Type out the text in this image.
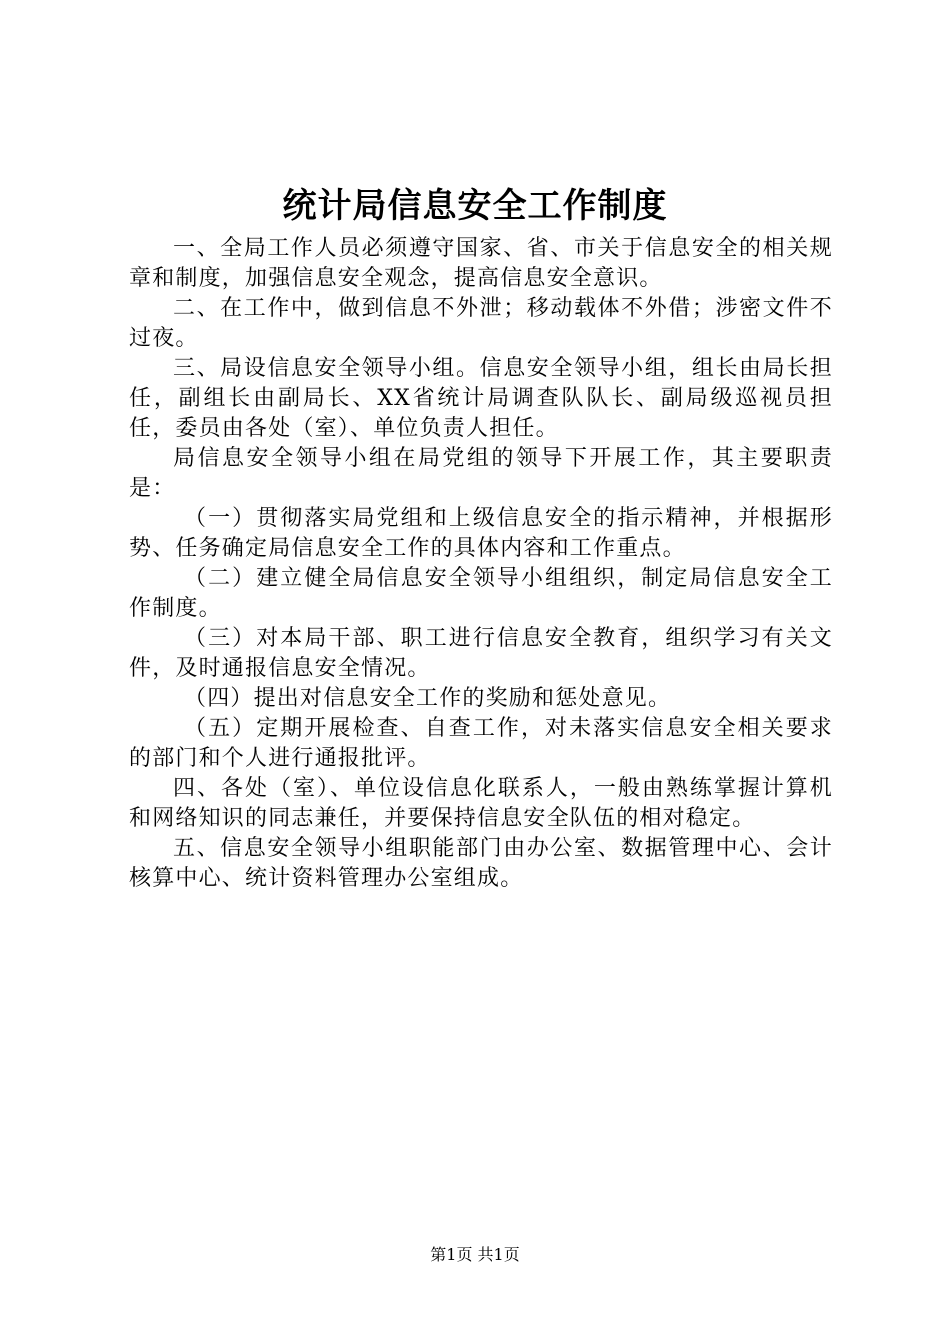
统计局信息安全工作制度

一、全局工作人员必须遵守国家、省、市关于信息安全的相关规章和制度，加强信息安全观念，提高信息安全意识。

二、在工作中，做到信息不外泄；移动载体不外借；涉密文件不过夜。

三、局设信息安全领导小组。信息安全领导小组，组长由局长担任，副组长由副局长、XX省统计局调查队队长、副局级巡视员担任，委员由各处（室）、单位负责人担任。

局信息安全领导小组在局党组的领导下开展工作，其主要职责是：

（一）贯彻落实局党组和上级信息安全的指示精神，并根据形势、任务确定局信息安全工作的具体内容和工作重点。

（二）建立健全局信息安全领导小组组织，制定局信息安全工作制度。

（三）对本局干部、职工进行信息安全教育，组织学习有关文件，及时通报信息安全情况。

（四）提出对信息安全工作的奖励和惩处意见。

（五）定期开展检查、自查工作，对未落实信息安全相关要求的部门和个人进行通报批评。

四、各处（室）、单位设信息化联系人，一般由熟练掌握计算机和网络知识的同志兼任，并要保持信息安全队伍的相对稳定。

五、信息安全领导小组职能部门由办公室、数据管理中心、会计核算中心、统计资料管理办公室组成。

第1页 共1页
